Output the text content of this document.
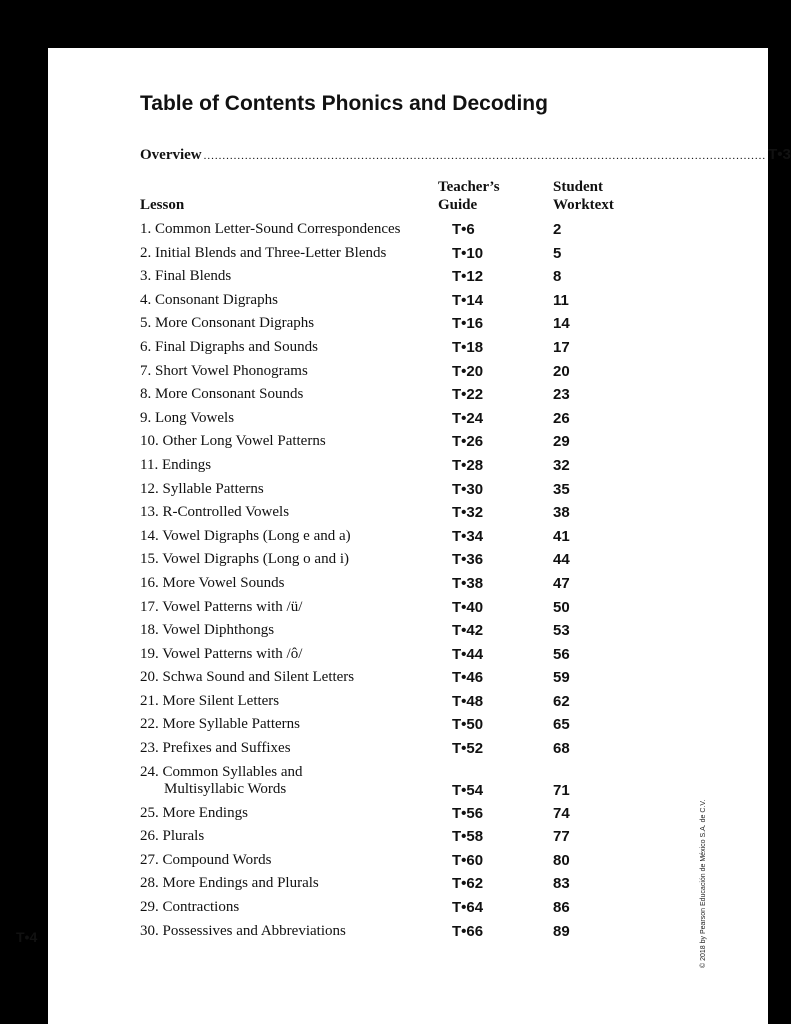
Table of Contents Phonics and Decoding
Overview ...................................................................................................................................................... T•3
Lesson
Teacher’s
Guide
Student
Worktext
1. Common Letter-Sound Correspondences	T•6	2
2. Initial Blends and Three-Letter Blends	T•10	5
3. Final Blends	T•12	8
4. Consonant Digraphs	T•14	11
5. More Consonant Digraphs	T•16	14
6. Final Digraphs and Sounds	T•18	17
7. Short Vowel Phonograms	T•20	20
8. More Consonant Sounds	T•22	23
9. Long Vowels	T•24	26
10. Other Long Vowel Patterns	T•26	29
11. Endings	T•28	32
12. Syllable Patterns	T•30	35
13. R-Controlled Vowels	T•32	38
14. Vowel Digraphs (Long e and a)	T•34	41
15. Vowel Digraphs (Long o and i)	T•36	44
16. More Vowel Sounds	T•38	47
17. Vowel Patterns with /ü/	T•40	50
18. Vowel Diphthongs	T•42	53
19. Vowel Patterns with /ô/	T•44	56
20. Schwa Sound and Silent Letters	T•46	59
21. More Silent Letters	T•48	62
22. More Syllable Patterns	T•50	65
23. Prefixes and Suffixes	T•52	68
24. Common Syllables and
Multisyllabic Words	T•54	71
25. More Endings	T•56	74
26. Plurals	T•58	77
27. Compound Words	T•60	80
28. More Endings and Plurals	T•62	83
29. Contractions	T•64	86
30. Possessives and Abbreviations	T•66	89	© 2018 by Pearson Educación de México S.A. de C.V.
T•4
